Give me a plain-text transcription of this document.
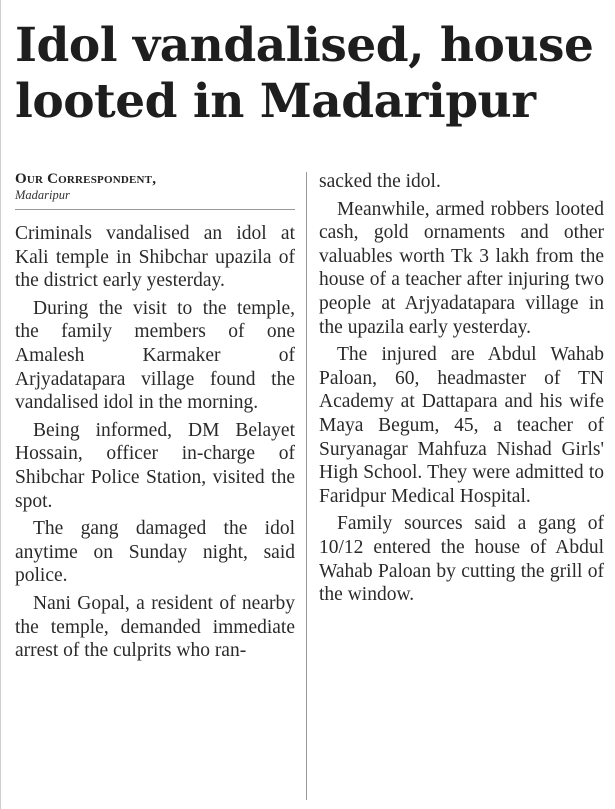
Idol vandalised, house looted in Madaripur
Our Correspondent,
Madaripur

Criminals vandalised an idol at Kali temple in Shibchar upazila of the district early yesterday.

During the visit to the temple, the family members of one Amalesh Karmaker of Arjyadatapara village found the vandalised idol in the morning.

Being informed, DM Belayet Hossain, officer in-charge of Shibchar Police Station, visited the spot.

The gang damaged the idol anytime on Sunday night, said police.

Nani Gopal, a resident of nearby the temple, demanded immediate arrest of the culprits who ran-

sacked the idol.

Meanwhile, armed robbers looted cash, gold ornaments and other valuables worth Tk 3 lakh from the house of a teacher after injuring two people at Arjyadatapara village in the upazila early yesterday.

The injured are Abdul Wahab Paloan, 60, headmaster of TN Academy at Dattapara and his wife Maya Begum, 45, a teacher of Suryanagar Mahfuza Nishad Girls' High School. They were admitted to Faridpur Medical Hospital.

Family sources said a gang of 10/12 entered the house of Abdul Wahab Paloan by cutting the grill of the window.
